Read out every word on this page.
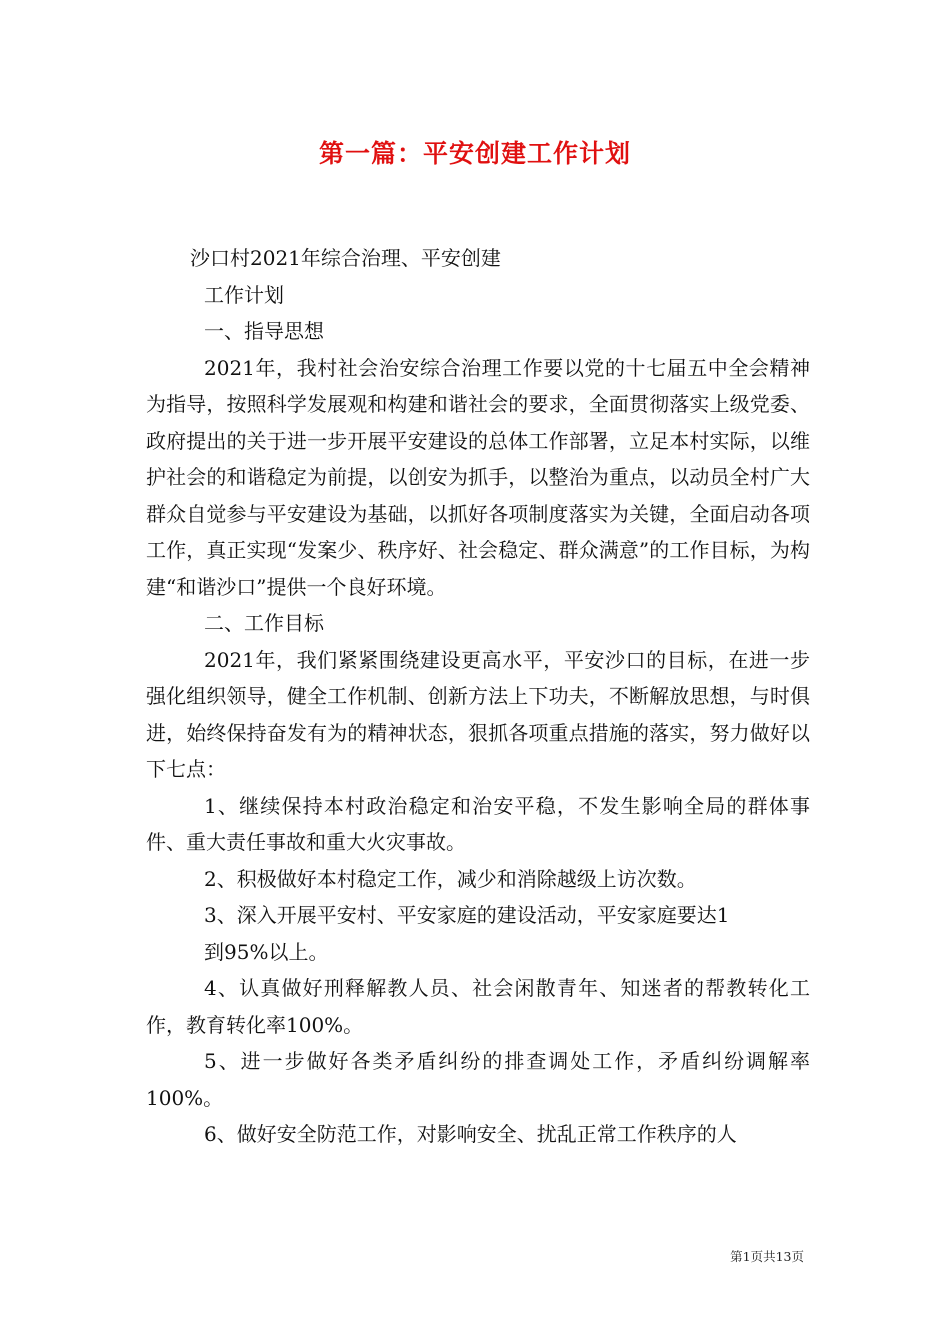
第一篇：平安创建工作计划

沙口村2021年综合治理、平安创建

工作计划

一、指导思想

2021年，我村社会治安综合治理工作要以党的十七届五中全会精神为指导，按照科学发展观和构建和谐社会的要求，全面贯彻落实上级党委、政府提出的关于进一步开展平安建设的总体工作部署，立足本村实际，以维护社会的和谐稳定为前提，以创安为抓手，以整治为重点，以动员全村广大群众自觉参与平安建设为基础，以抓好各项制度落实为关键，全面启动各项工作，真正实现“发案少、秩序好、社会稳定、群众满意”的工作目标，为构建“和谐沙口”提供一个良好环境。

二、工作目标

2021年，我们紧紧围绕建设更高水平，平安沙口的目标，在进一步强化组织领导，健全工作机制、创新方法上下功夫，不断解放思想，与时俱进，始终保持奋发有为的精神状态，狠抓各项重点措施的落实，努力做好以下七点：

1、继续保持本村政治稳定和治安平稳，不发生影响全局的群体事件、重大责任事故和重大火灾事故。

2、积极做好本村稳定工作，减少和消除越级上访次数。

3、深入开展平安村、平安家庭的建设活动，平安家庭要达1

到95%以上。

4、认真做好刑释解教人员、社会闲散青年、知迷者的帮教转化工作，教育转化率100%。

5、进一步做好各类矛盾纠纷的排查调处工作，矛盾纠纷调解率100%。

6、做好安全防范工作，对影响安全、扰乱正常工作秩序的人

第1页共13页
